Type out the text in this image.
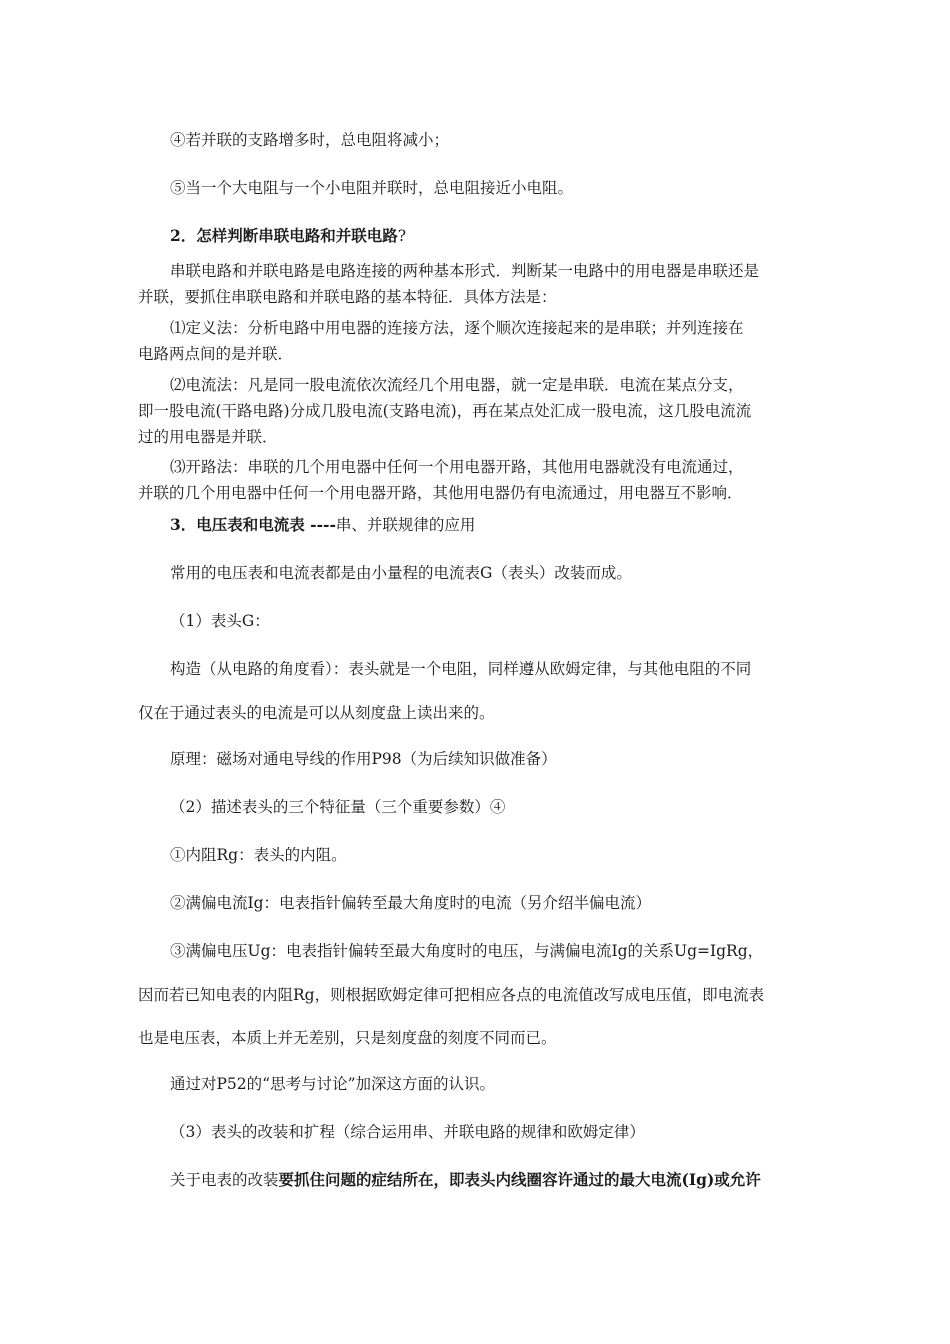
④若并联的支路增多时，总电阻将减小；
⑤当一个大电阻与一个小电阻并联时，总电阻接近小电阻。
2．怎样判断串联电路和并联电路?
串联电路和并联电路是电路连接的两种基本形式．判断某一电路中的用电器是串联还是
并联，要抓住串联电路和并联电路的基本特征．具体方法是：
⑴定义法：分析电路中用电器的连接方法，逐个顺次连接起来的是串联；并列连接在
电路两点间的是并联．
⑵电流法：凡是同一股电流依次流经几个用电器，就一定是串联．电流在某点分支，
即一股电流(干路电路)分成几股电流(支路电流)，再在某点处汇成一股电流，这几股电流流
过的用电器是并联．
⑶开路法：串联的几个用电器中任何一个用电器开路，其他用电器就没有电流通过，
并联的几个用电器中任何一个用电器开路，其他用电器仍有电流通过，用电器互不影响．
3．电压表和电流表 ----串、并联规律的应用
常用的电压表和电流表都是由小量程的电流表G（表头）改装而成。
（1）表头G：
构造（从电路的角度看）：表头就是一个电阻，同样遵从欧姆定律，与其他电阻的不同
仅在于通过表头的电流是可以从刻度盘上读出来的。
原理：磁场对通电导线的作用P98（为后续知识做准备）
（2）描述表头的三个特征量（三个重要参数）④
①内阻Rg：表头的内阻。
②满偏电流Ig：电表指针偏转至最大角度时的电流（另介绍半偏电流）
③满偏电压Ug：电表指针偏转至最大角度时的电压，与满偏电流Ig的关系Ug=IgRg，
因而若已知电表的内阻Rg，则根据欧姆定律可把相应各点的电流值改写成电压值，即电流表
也是电压表，本质上并无差别，只是刻度盘的刻度不同而已。
通过对P52的“思考与讨论”加深这方面的认识。
（3）表头的改装和扩程（综合运用串、并联电路的规律和欧姆定律）
关于电表的改装要抓住问题的症结所在，即表头内线圈容许通过的最大电流(Ig)或允许
